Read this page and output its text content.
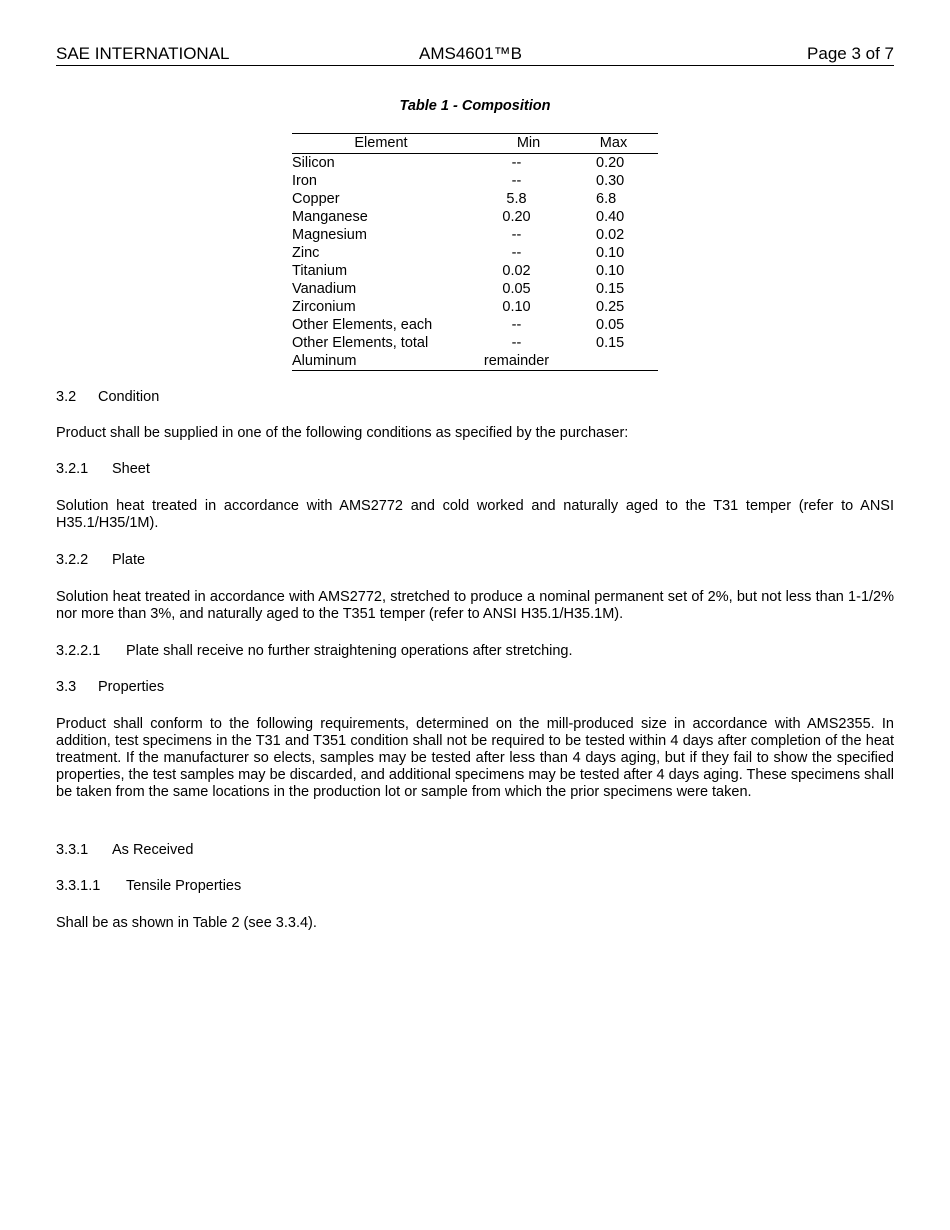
SAE INTERNATIONAL	AMS4601™B	Page 3 of 7
Table 1 - Composition
Element	Min	Max
Silicon	--	0.20
Iron	--	0.30
Copper	5.8	6.8
Manganese	0.20	0.40
Magnesium	--	0.02
Zinc	--	0.10
Titanium	0.02	0.10
Vanadium	0.05	0.15
Zirconium	0.10	0.25
Other Elements, each	--	0.05
Other Elements, total	--	0.15
Aluminum	remainder	
3.2 Condition
Product shall be supplied in one of the following conditions as specified by the purchaser:
3.2.1 Sheet
Solution heat treated in accordance with AMS2772 and cold worked and naturally aged to the T31 temper (refer to ANSI H35.1/H35/1M).
3.2.2 Plate
Solution heat treated in accordance with AMS2772, stretched to produce a nominal permanent set of 2%, but not less than 1-1/2% nor more than 3%, and naturally aged to the T351 temper (refer to ANSI H35.1/H35.1M).
3.2.2.1 Plate shall receive no further straightening operations after stretching.
3.3 Properties
Product shall conform to the following requirements, determined on the mill-produced size in accordance with AMS2355. In addition, test specimens in the T31 and T351 condition shall not be required to be tested within 4 days after completion of the heat treatment. If the manufacturer so elects, samples may be tested after less than 4 days aging, but if they fail to show the specified properties, the test samples may be discarded, and additional specimens may be tested after 4 days aging. These specimens shall be taken from the same locations in the production lot or sample from which the prior specimens were taken.
3.3.1 As Received
3.3.1.1 Tensile Properties
Shall be as shown in Table 2 (see 3.3.4).
